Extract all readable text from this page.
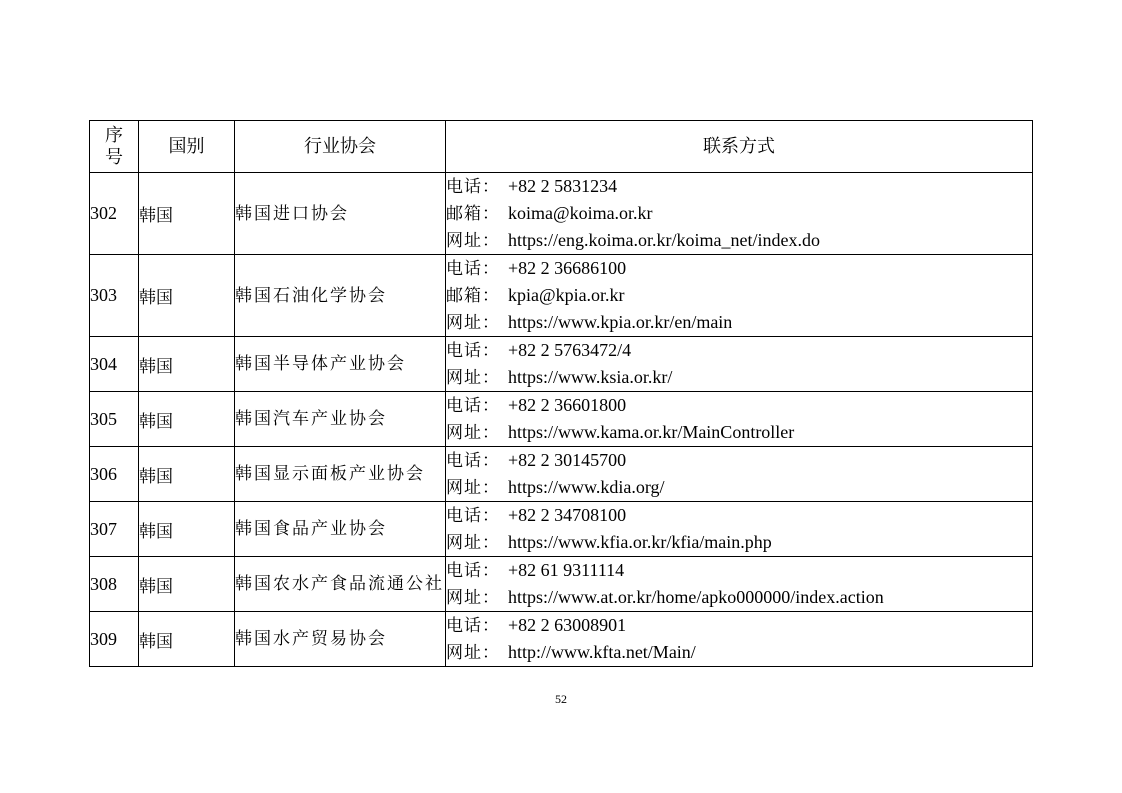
序号	国别	行业协会	联系方式
302	韩国	韩国进口协会	电话： +82 2 5831234
邮箱： koima@koima.or.kr
网址： https://eng.koima.or.kr/koima_net/index.do

303	韩国	韩国石油化学协会	电话： +82 2 36686100
邮箱： kpia@kpia.or.kr
网址： https://www.kpia.or.kr/en/main

304	韩国	韩国半导体产业协会	电话： +82 2 5763472/4
网址： https://www.ksia.or.kr/

305	韩国	韩国汽车产业协会	电话： +82 2 36601800
网址： https://www.kama.or.kr/MainController

306	韩国	韩国显示面板产业协会	电话： +82 2 30145700
网址： https://www.kdia.org/

307	韩国	韩国食品产业协会	电话： +82 2 34708100
网址： https://www.kfia.or.kr/kfia/main.php

308	韩国	韩国农水产食品流通公社	电话： +82 61 9311114
网址： https://www.at.or.kr/home/apko000000/index.action

309	韩国	韩国水产贸易协会	电话： +82 2 63008901
网址： http://www.kfta.net/Main/
52
